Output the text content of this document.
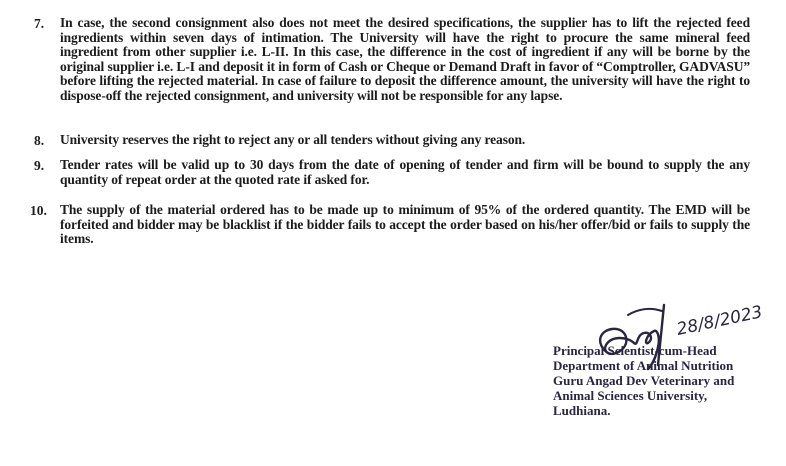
7. In case, the second consignment also does not meet the desired specifications, the supplier has to lift the rejected feed ingredients within seven days of intimation. The University will have the right to procure the same mineral feed ingredient from other supplier i.e. L-II. In this case, the difference in the cost of ingredient if any will be borne by the original supplier i.e. L-I and deposit it in form of Cash or Cheque or Demand Draft in favor of “Comptroller, GADVASU” before lifting the rejected material. In case of failure to deposit the difference amount, the university will have the right to dispose-off the rejected consignment, and university will not be responsible for any lapse.
8. University reserves the right to reject any or all tenders without giving any reason.
9. Tender rates will be valid up to 30 days from the date of opening of tender and firm will be bound to supply the any quantity of repeat order at the quoted rate if asked for.
10. The supply of the material ordered has to be made up to minimum of 95% of the ordered quantity. The EMD will be forfeited and bidder may be blacklist if the bidder fails to accept the order based on his/her offer/bid or fails to supply the items.
Principal Scientist-cum-Head
Department of Animal Nutrition
Guru Angad Dev Veterinary and
Animal Sciences University,
Ludhiana.
28/8/2023
